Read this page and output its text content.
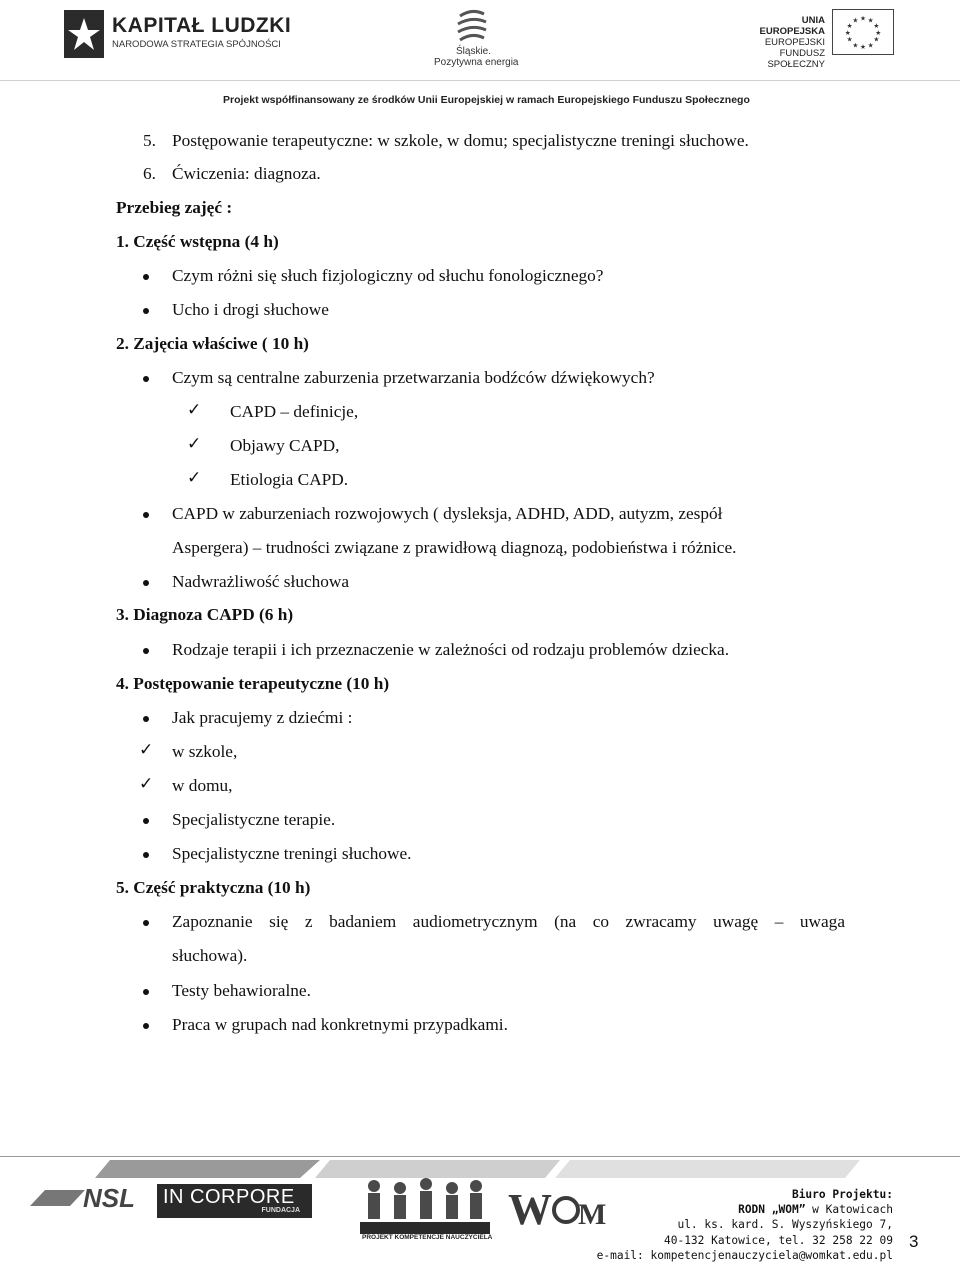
KAPITAŁ LUDZKI
NARODOWA STRATEGIA SPÓJNOŚCI
Śląskie.
Pozytywna energia
UNIA EUROPEJSKA
EUROPEJSKI
FUNDUSZ SPOŁECZNY
★ ★
★
★
★
★
★
★
★
★
★
★
Projekt współfinansowany ze środków Unii Europejskiej w ramach Europejskiego Funduszu Społecznego
5. Postępowanie terapeutyczne: w szkole, w domu; specjalistyczne treningi słuchowe.
6. Ćwiczenia: diagnoza.
Przebieg zajęć :
1. Część wstępna (4 h)
Czym różni się słuch fizjologiczny od słuchu fonologicznego?
Ucho i drogi słuchowe
2. Zajęcia właściwe ( 10 h)
Czym są centralne zaburzenia przetwarzania bodźców dźwiękowych?
✓ CAPD – definicje,
✓ Objawy CAPD,
✓ Etiologia CAPD.
CAPD w zaburzeniach rozwojowych ( dysleksja, ADHD, ADD, autyzm, zespół
Aspergera) – trudności związane z prawidłową diagnozą, podobieństwa i różnice.
Nadwrażliwość słuchowa
3. Diagnoza CAPD (6 h)
Rodzaje terapii i ich przeznaczenie w zależności od rodzaju problemów dziecka.
4. Postępowanie terapeutyczne (10 h)
Jak pracujemy z dziećmi :
✓ w szkole,
✓ w domu,
Specjalistyczne terapie.
Specjalistyczne treningi słuchowe.
5. Część praktyczna (10 h)
Zapoznanie się z badaniem audiometrycznym (na co zwracamy uwagę – uwaga
słuchowa).
Testy behawioralne.
Praca w grupach nad konkretnymi przypadkami.
NSL IN CORPORE
FUNDACJA
PROJEKT KOMPETENCJE NAUCZYCIELA
W M
Biuro Projektu:
RODN „WOM” w Katowicach
ul. ks. kard. S. Wyszyńskiego 7,
40-132 Katowice, tel. 32 258 22 09
e-mail: kompetencjenauczyciela@womkat.edu.pl
3
